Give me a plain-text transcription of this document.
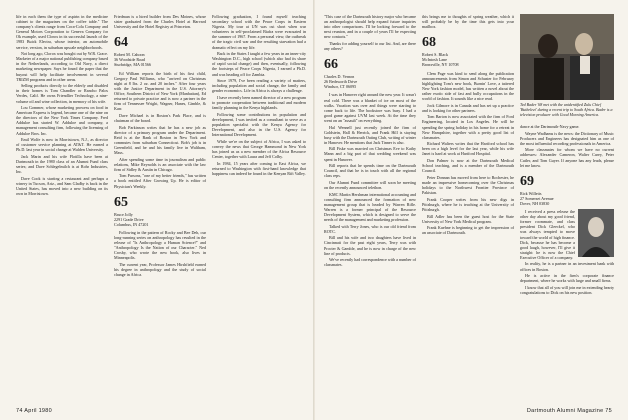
life in each them the type of aspirin in the medicine cabinet to the magazines on the coffee table." The company's clients range from Coca-Cola Company and General Motors Corporation to Geneva Company for Ok example, used Clorox in its successful launch of the 1983 Buick Electra, whose interior, an automobile service, version, in suburban upscale neighborhoods.

Not long ago, Clorox was bought out by W.R. Grace. Marketer of a major national publishing company based in the Netherlands, according to Old Navy, a direct marketing newspaper. Says he found the paper that the buyout will help facilitate involvement in several TRIZM programs and in other areas.

Selling products directly to the elderly and disabled in their homes is Tom Chandler or Rancho Palos Verdes, Calif. He owns Friendlier Technology, a nine-volume oil and wine collection, in memory of his wife.

Lou Gommer, whose marketing prowess on food in American Express is legend, became one of the nine on the directors of the New York Times Company. Fred Adduloe has started W. Adduloe and company, a management consulting firm, following the licensing of Adduloe Bros. Inc.

Emil Wolfe is now in Morristown, N.J., as director of customer service planning at AT&T. He earned a Ph.D. last year in social change at Walden University.

Jack Marin and his wife Flotilla have been at Dartmouth in the 1980 class of an Alumni Fund class series; and Dave Schlegelmilch is at Rohr Industries, Inc.

Dave Cook is starting a restaurant and perhaps a winery in Tucson, Ariz., and Sam Gladby is back in the United States, has moved into a new building on its own in Morristown.

74 April 1980

Friedman is a hired builder from Des Moines, whose sister graduated from the Charles Hotel at Harvard University and the Hotel Registry at Princeton.

64
Robert M. Cahoon
36 Woodside Road
Sturbridge, MA 01566

Ed William reports the birth of his first child, Gregory Paul Williams, who "arrived on Christmas night at 8 lbs. 2 oz. and 20 inches." After four years with the Justice Department in the U.S. Attorney's Office, Southern District of New York (Manhattan), Ed returned to private practice and is now a partner in the firm of Tennessee Wright, Wagner, Hanes, Gimble, & Karr.

Dave Michael is in Boston's Park Place, and is chairman of the board.

Bob Parkinson writes that he has a new job as director of a primary program under the Department. Reid is at the Bank of Boston in New York and commutes from suburban Connecticut. Bob's job is in Greenfield, and he and his family live in Waltham, Mass.

After spending some time in journalism and public relations, Mike Reynolds is an associate with the law firm of Sidley & Austin in Chicago.

Tom Parsons, "one of my better friends," has written a book entitled After Growing Up. He is editor of Physician's Weekly.

65
Bruce Jolly
2291 Grade Drive
Columbus, IN 47201

Following in the pattern of Rocky and Bee Deh, our long-running series on anthropology has resulted in the release of "Is Anthropology a Human Science?" and "Anthropology Is the Nation of our Character." Ned Crosby, who wrote the new book, also lives in Minneapolis.

The current year, Professor James Hirshfield earned his degree in anthropology and the study of social change in Africa.

Following graduation, I found myself teaching secondary school with the Peace Corps in Eastern Nigeria. My tour at UN was cut short when war volunteers in self-proclaimed Biafra were evacuated in the summer of 1967. From a personal view, the outbreak of the tragic civil war and the resulting starvation had a dramatic effect on my life.

Back in the States I taught a few years in an inner-city Washington D.C., high school (which also had its share of rapid social change) and then, eventually, following the footsteps of Peace Corps Nigeria, I earned a Ph.D. and was heading off for Zambia.

Since 1979, I've been reading a variety of matters, including population and social change, the family and gender economics. Life in Africa is always a challenge.

I have recently been named director of a new program to promote cooperation between traditional and modern family planning in the Kenya highlands.

Following some contributions in population and development, I was invited as a consultant to serve as a population specialist with the Kenya Agency for Development, and also in the U.S. Agency for International Development.

While we're on the subject of Africa, I was asked to convey the news that George Hammond in New York has joined us as a new member of the Africa Resource Center, together with Laura and Jeff Colby.

In 1984, 15 years after coming to East Africa, we returned to Washington with first-hand knowledge that happiness can indeed be found in the Kenyan Rift Valley.

"This case of the Dartmouth history major who became an anthropologist should help expand future inquiries into other comparisons. I'll be looking forward to the next reunion, and in a couple of years I'll be expecting new contacts."

Thanks for adding yourself to our list. And, are there any others?

66
Charles D. Vernon
26 Bedsworth Drive
Windsor, CT 06095

I was in Hanover right around the new year. It wasn't real cold. There was a blanket of ice on most of the walks. Vacation was over and things were starting to come back to life. The bookstore was busy. I had a good game against UVM last week. At the time they went on an "assault" on everything.

Hal Wennell just recently joined the firm of Goldstein, Hall & Herrick, and Frank Hill is staying busy with the Dartmouth Outing Club, writing of winter in Hanover. He mentions that Jack Tinner is also.

Bill Fiske was married on Christmas Eve to Kathy Mann and a big part of that wedding weekend was spent in Hanover.

Bill reports that he spends time on the Dartmouth Council, and that he is in touch with all the regional class reps.

Our Alumni Fund committee will soon be meeting on the recently announced telethon.

KMC Martin Hershman international accounting and consulting firm announced the formation of new management group that is headed by Warren Rifle. Warren is a former principal of the Resource Development System, which is designed to serve the needs of the management and marketing profession.

Talked with Terry Jones, who is our old friend from ROTC.

Bill and his wife and two daughters have lived in Cincinnati for the past eight years, Terry was with Procter & Gamble, and he is now in charge of the new line of products.

We've recently had correspondence with a number of classmates.

this brings me to thoughts of spring weather, which it will probably be by the time this gets into your mailbox.

68
Robert S. Black
McIntosh Lane
Bronxville, NY 10708

Clem Page was kind to send along the publication announcements from Simon and Schuster for February highlighting Tom's new book, Burnin' Love, a tattered New York fashion model, has written a novel about the rather exotic side of fast and bully occupations in the world of fashion. It sounds like a nice read.

Jock Gilmore is in Canada and has set up a practice and is looking for other partners.

Tom Barton is now associated with the firm of Ford Engineering, located in Los Angeles. He will be spending the spring holiday in his home for a retreat in New Hampshire, together with a pretty good list of classmates.

Richard Walters writes that the Hartford school has been on a high level for the last year, while his wife Janet is hard at work at Hartford Hospital.

Don Palmer is now at the Dartmouth Medical School teaching, and is a member of the Dartmouth Council.

Peter Donnan has moved from here to Rochester, he made an impressive homecoming over the Christmas holidays to the Northwest Frontier Province of Pakistan.

Frank Cooper writes from his new digs in Pittsburgh, where he is teaching at the University of Pittsburgh.

Bill Adler has been the guest host for the State University of New York Medical program.

Frank Kuehne is beginning to get the impression of an associate of Dartmouth.

Ted Bader '68 met with the unidentified Zulu Chief 'Buthelezi' during a recent trip to South Africa. Bader is a television producer with Good Morning America.

dance at the Dartmouth-Navy game.

Wayne Wadhams is the news: the Dictionary of Music Producers and Engineers has designated him as one of the most influential recording professionals in America.

More classmates for whom we have no current addresses: Alexander Cameron, Walter Carey, Peter Cutler, and Tom Guyer. If anyone has any leads, please let me know.

69
Rick Willetts
27 Somerset Avenue
Dover, NH 03830

I received a press release the other day about my good friend, former roommate, and class president Dick Gleeckel, who was always tempted to move toward the world of high finance. Dick, because he has become a good laugh, however, I'll give it straight: he is now the Chief Executive Officer of a company.

In reality, he is a partner in an investment bank with offices in Boston.

He is active in the firm's corporate finance department, where he works with large and small firms.

I know that all of you will join me in extending hearty congratulations to Dick on his new position.

Dartmouth Alumni Magazine 75
